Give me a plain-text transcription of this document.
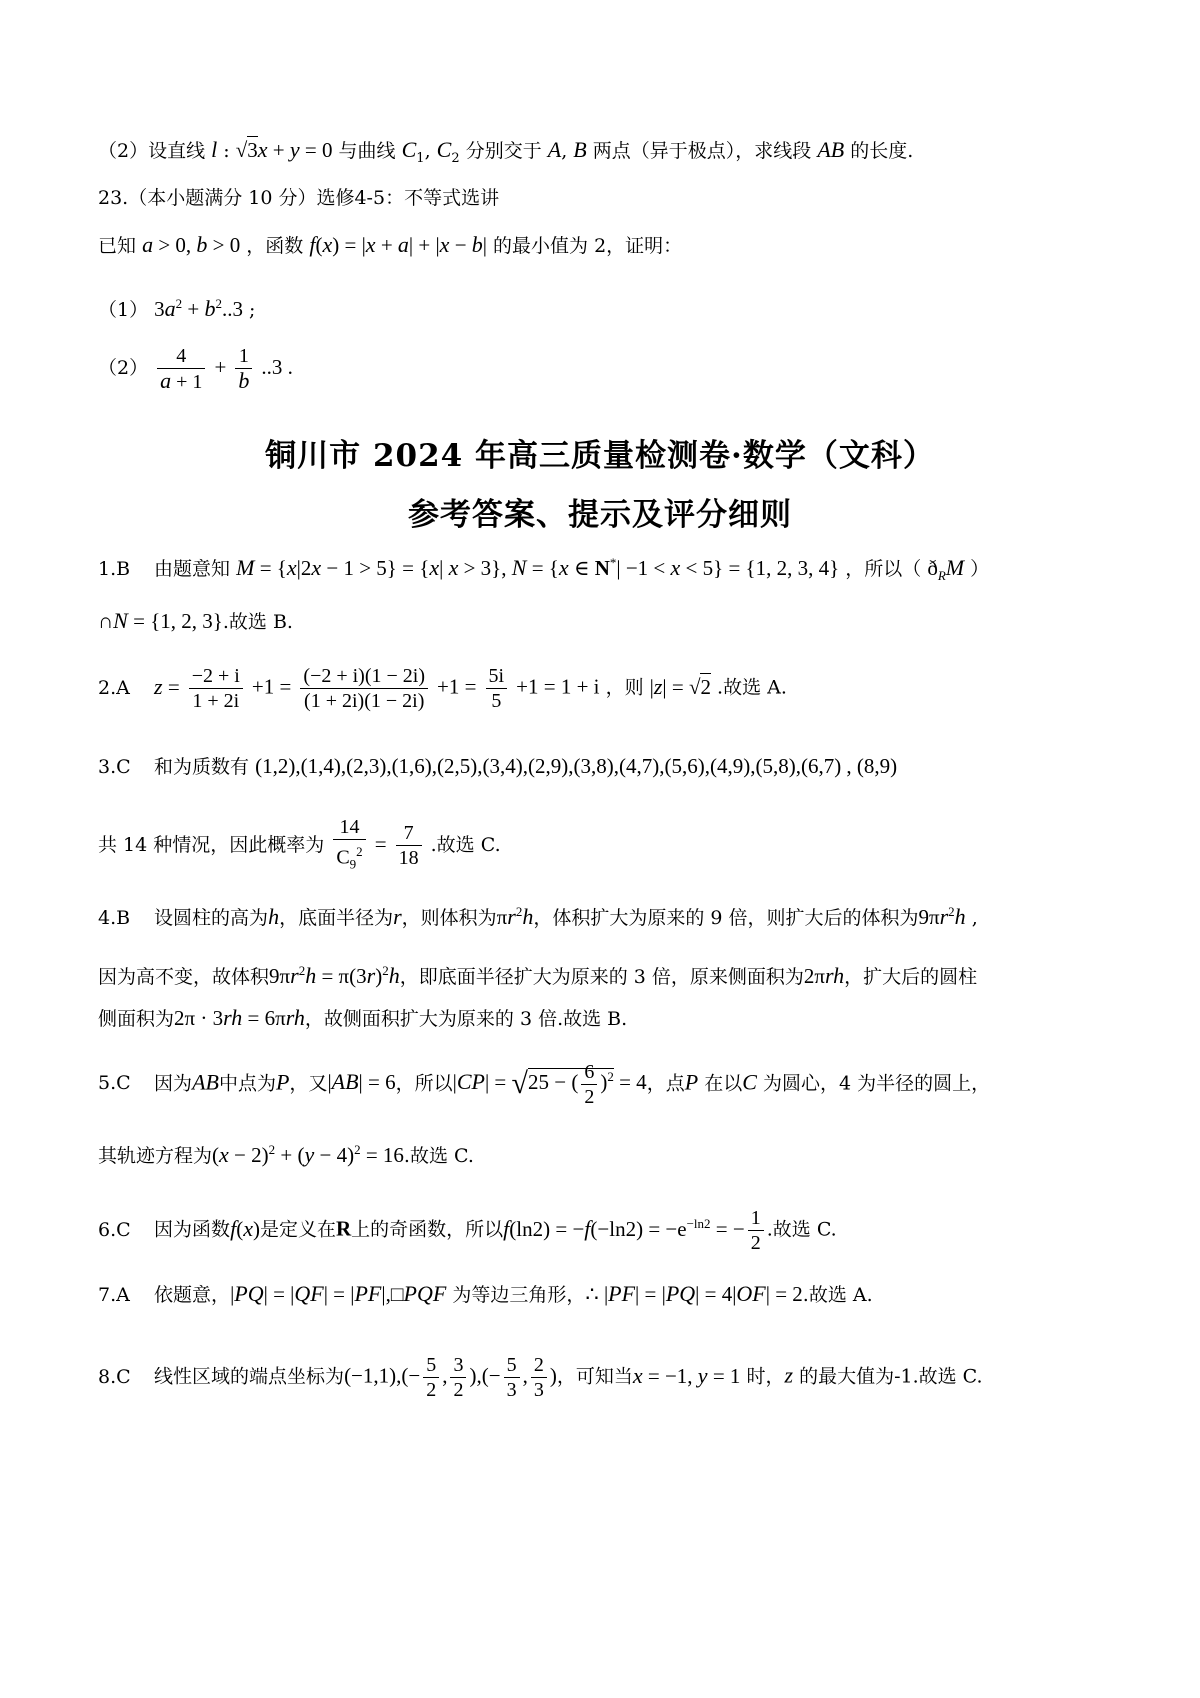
（2）设直线 l : √3x + y = 0 与曲线 $C_1$, $C_2$ 分别交于 A, B 两点（异于极点），求线段 AB 的长度.
23.（本小题满分 10 分）选修4-5：不等式选讲
已知 a > 0, b > 0 ，函数 f(x) = |x + a| + |x − b| 的最小值为 2，证明：
（1） $3a^2 + b^2..3$ ;
$(2) \frac{4}{a + 1} + \frac{1}{b} ..3$ .
铜川市 2024 年高三质量检测卷·数学（文科）
参考答案、提示及评分细则
1.B 由题意知 M = {x|2x − 1 > 5} = {x| x > 3}, N = {x ∈ N*| −1 < x < 5} = {1, 2, 3, 4} ，所以（ $ð_RM$ ）
∩N = {1, 2, 3}.故选 B.
2.A $z = \frac{-2 + i}{1 + 2i} +1 = \frac{(-2 + i)(1 - 2i)}{(1 + 2i)(1 - 2i)} +1 = \frac{5i}{5} +1 = 1 + i$ ，则 |z| = √2 .故选 A.
3.C 和为质数有 (1,2),(1,4),(2,3),(1,6),(2,5),(3,4),(2,9),(3,8),(4,7),(5,6),(4,9),(5,8),(6,7) , (8,9)
共 14 种情况，因此概率为 $\frac{14}{C_9^2} = \frac{7}{18}$ .故选 C.
4.B 设圆柱的高为h，底面半径为r，则体积为$\pi r^2h$，体积扩大为原来的 9 倍，则扩大后的体积为$9\pi r^2h$ ,
因为高不变，故体积$9\pi r^2h = \pi(3r)^2h$，即底面半径扩大为原来的 3 倍，原来侧面积为2πrh，扩大后的圆柱
侧面积为2π · 3rh = 6πrh，故侧面积扩大为原来的 3 倍.故选 B.
5.C 因为AB中点为P，又|AB| = 6，所以|CP| = √25 − ( $\frac{6}{2} )^2 = 4$，点P 在以C 为圆心，4 为半径的圆上，
其轨迹方程为$(x - 2)^2 + (y - 4)^2 = 16$.故选 C.
6.C 因为函数f(x)是定义在R上的奇函数，所以$f(\ln 2) = -f(-\ln 2) = -e^{-ln2}$ = − $\frac{1}{2}$ .故选 C.
7.A 依题意，|PQ| = |QF| = |PF|,□PQF 为等边三角形，∴ |PF| = |PQ| = 4|OF| = 2.故选 A.
8.C 线性区域的端点坐标为$(-1,1),(- \frac{5}{2}$ , $\frac{3}{2}$ ),(− $\frac{5}{3}$ , $\frac{2}{3}$ )，可知当x = −1, y = 1 时，z 的最大值为-1.故选 C.
